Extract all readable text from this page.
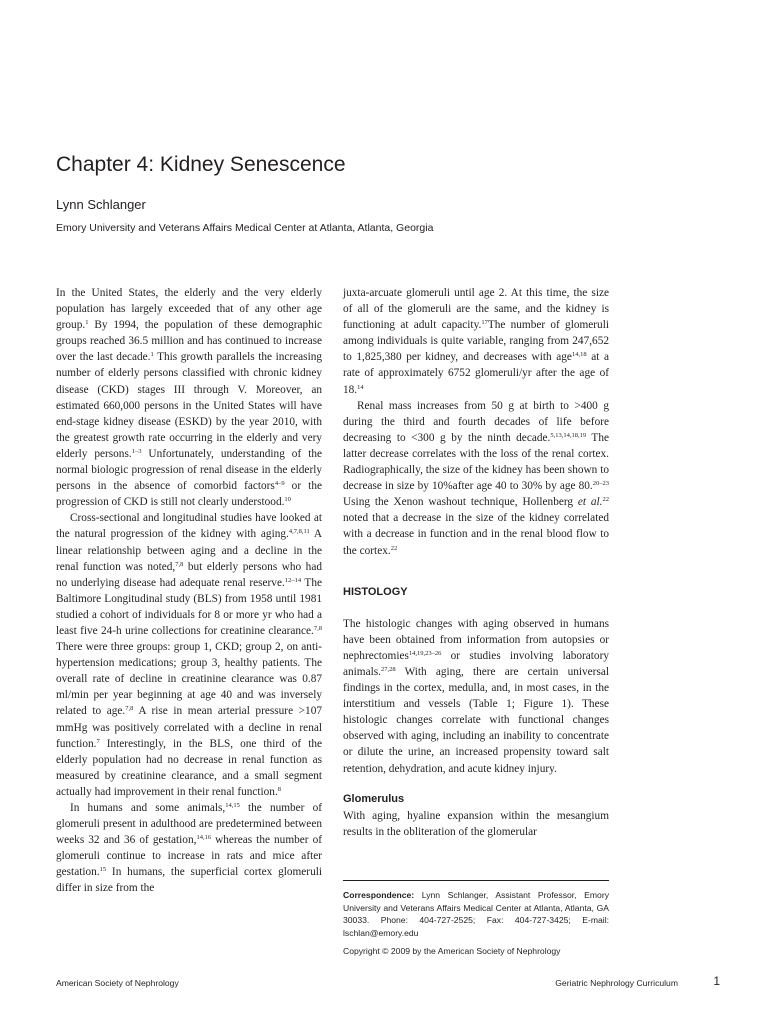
Chapter 4: Kidney Senescence
Lynn Schlanger
Emory University and Veterans Affairs Medical Center at Atlanta, Atlanta, Georgia

In the United States, the elderly and the very elderly population has largely exceeded that of any other age group.$^1$ By 1994, the population of these demographic groups reached 36.5 million and has continued to increase over the last decade.$^1$ This growth parallels the increasing number of elderly persons classified with chronic kidney disease (CKD) stages III through V. Moreover, an estimated 660,000 persons in the United States will have end-stage kidney disease (ESKD) by the year 2010, with the greatest growth rate occurring in the elderly and very elderly persons.$^{1-3}$ Unfortunately, understanding of the normal biologic progression of renal disease in the elderly persons in the absence of comorbid factors$^{4-9}$ or the progression of CKD is still not clearly understood.$^{10}$

Cross-sectional and longitudinal studies have looked at the natural progression of the kidney with aging.$^{4,7,8,11}$ A linear relationship between aging and a decline in the renal function was noted,$^{7,8}$ but elderly persons who had no underlying disease had adequate renal reserve.$^{12-14}$ The Baltimore Longitudinal study (BLS) from 1958 until 1981 studied a cohort of individuals for 8 or more yr who had a least five 24-h urine collections for creatinine clearance.$^{7,8}$ There were three groups: group 1, CKD; group 2, on anti-hypertension medications; group 3, healthy patients. The overall rate of decline in creatinine clearance was 0.87 ml/min per year beginning at age 40 and was inversely related to age.$^{7,8}$ A rise in mean arterial pressure >107 mmHg was positively correlated with a decline in renal function.$^7$ Interestingly, in the BLS, one third of the elderly population had no decrease in renal function as measured by creatinine clearance, and a small segment actually had improvement in their renal function.$^8$

In humans and some animals,$^{14,15}$ the number of glomeruli present in adulthood are predetermined between weeks 32 and 36 of gestation,$^{14,16}$ whereas the number of glomeruli continue to increase in rats and mice after gestation.$^{15}$ In humans, the superficial cortex glomeruli differ in size from the

juxta-arcuate glomeruli until age 2. At this time, the size of all of the glomeruli are the same, and the kidney is functioning at adult capacity.$^{17}$The number of glomeruli among individuals is quite variable, ranging from 247,652 to 1,825,380 per kidney, and decreases with age$^{14,18}$ at a rate of approximately 6752 glomeruli/yr after the age of 18.14

Renal mass increases from 50 g at birth to >400 g during the third and fourth decades of life before decreasing to <300 g by the ninth decade.$^{5,13,14,18,19}$ The latter decrease correlates with the loss of the renal cortex. Radiographically, the size of the kidney has been shown to decrease in size by 10%after age 40 to 30% by age 80.$^{20-23}$ Using the Xenon washout technique, Hollenberg et al.$^{22}$ noted that a decrease in the size of the kidney correlated with a decrease in function and in the renal blood flow to the cortex.$^{22}$

HISTOLOGY

The histologic changes with aging observed in humans have been obtained from information from autopsies or nephrectomies$^{14,19,23-26}$ or studies involving laboratory animals.$^{27,28}$ With aging, there are certain universal findings in the cortex, medulla, and, in most cases, in the interstitium and vessels (Table 1; Figure 1). These histologic changes correlate with functional changes observed with aging, including an inability to concentrate or dilute the urine, an increased propensity toward salt retention, dehydration, and acute kidney injury.

Glomerulus

With aging, hyaline expansion within the mesangium results in the obliteration of the glomerular

Correspondence: Lynn Schlanger, Assistant Professor, Emory University and Veterans Affairs Medical Center at Atlanta, Atlanta, GA 30033. Phone: 404-727-2525; Fax: 404-727-3425; E-mail: lschlan@emory.edu
Copyright © 2009 by the American Society of Nephrology
American Society of Nephrology	Geriatric Nephrology Curriculum	1
